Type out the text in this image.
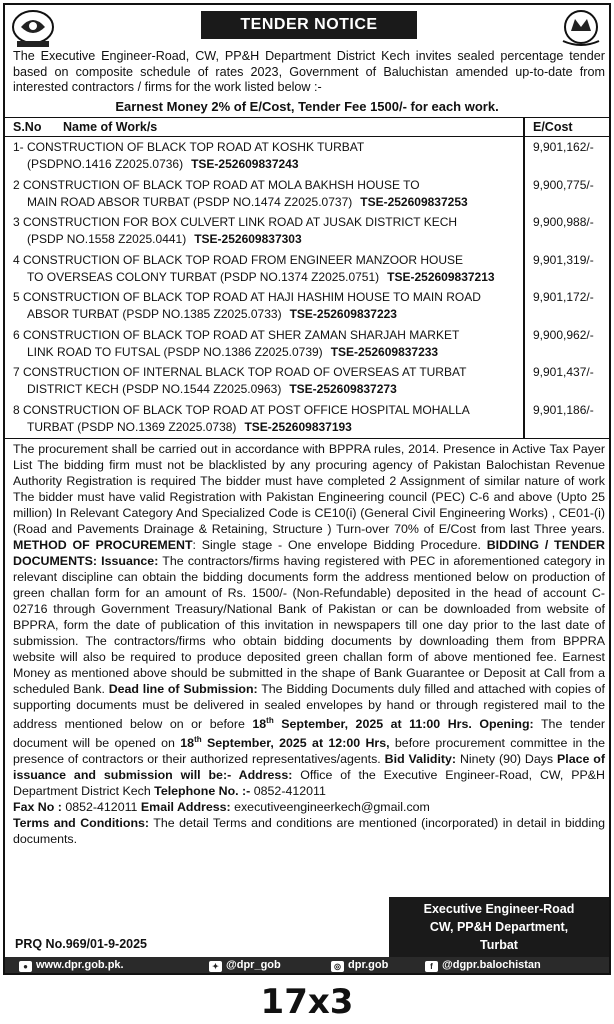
TENDER NOTICE
The Executive Engineer-Road, CW, PP&H Department District Kech invites sealed percentage tender based on composite schedule of rates 2023, Government of Baluchistan amended up-to-date from interested contractors / firms for the work listed below :-
Earnest Money 2% of E/Cost, Tender Fee 1500/- for each work.
S.No Name of Work/s	E/Cost
1- CONSTRUCTION OF BLACK TOP ROAD AT KOSHK TURBAT
(PSDPNO.1416 Z2025.0736) TSE-252609837243
9,901,162/-
2 CONSTRUCTION OF BLACK TOP ROAD AT MOLA BAKHSH HOUSE TO
MAIN ROAD ABSOR TURBAT (PSDP NO.1474 Z2025.0737) TSE-252609837253
9,900,775/-
3 CONSTRUCTION FOR BOX CULVERT LINK ROAD AT JUSAK DISTRICT KECH
(PSDP NO.1558 Z2025.0441) TSE-252609837303
9,900,988/-
4 CONSTRUCTION OF BLACK TOP ROAD FROM ENGINEER MANZOOR HOUSE
TO OVERSEAS COLONY TURBAT (PSDP NO.1374 Z2025.0751) TSE-252609837213
9,901,319/-
5 CONSTRUCTION OF BLACK TOP ROAD AT HAJI HASHIM HOUSE TO MAIN ROAD
ABSOR TURBAT (PSDP NO.1385 Z2025.0733) TSE-252609837223
9,901,172/-
6 CONSTRUCTION OF BLACK TOP ROAD AT SHER ZAMAN SHARJAH MARKET
LINK ROAD TO FUTSAL (PSDP NO.1386 Z2025.0739) TSE-252609837233
9,900,962/-
7 CONSTRUCTION OF INTERNAL BLACK TOP ROAD OF OVERSEAS AT TURBAT
DISTRICT KECH (PSDP NO.1544 Z2025.0963) TSE-252609837273
9,901,437/-
8 CONSTRUCTION OF BLACK TOP ROAD AT POST OFFICE HOSPITAL MOHALLA
TURBAT (PSDP NO.1369 Z2025.0738) TSE-252609837193
9,901,186/-
The procurement shall be carried out in accordance with BPPRA rules, 2014. Presence in Active Tax Payer List The bidding firm must not be blacklisted by any procuring agency of Pakistan Balochistan Revenue Authority Registration is required The bidder must have completed 2 Assignment of similar nature of work The bidder must have valid Registration with Pakistan Engineering council (PEC) C-6 and above (Upto 25 million) In Relevant Category And Specialized Code is CE10(i) (General Civil Engineering Works) , CE01-(i) (Road and Pavements Drainage & Retaining, Structure ) Turn-over 70% of E/Cost from last Three years. METHOD OF PROCUREMENT: Single stage - One envelope Bidding Procedure. BIDDING / TENDER DOCUMENTS: Issuance: The contractors/firms having registered with PEC in aforementioned category in relevant discipline can obtain the bidding documents form the address mentioned below on production of green challan form for an amount of Rs. 1500/- (Non-Refundable) deposited in the head of account C-02716 through Government Treasury/National Bank of Pakistan or can be downloaded from website of BPPRA, form the date of publication of this invitation in newspapers till one day prior to the last date of submission. The contractors/firms who obtain bidding documents by downloading them from BPPRA website will also be required to produce deposited green challan form of above mentioned fee. Earnest Money as mentioned above should be submitted in the shape of Bank Guarantee or Deposit at Call from a scheduled Bank. Dead line of Submission: The Bidding Documents duly filled and attached with copies of supporting documents must be delivered in sealed envelopes by hand or through registered mail to the address mentioned below on or before 18th September, 2025 at 11:00 Hrs. Opening: The tender document will be opened on 18th September, 2025 at 12:00 Hrs, before procurement committee in the presence of contractors or their authorized representatives/agents. Bid Validity: Ninety (90) Days Place of issuance and submission will be:- Address: Office of the Executive Engineer-Road, CW, PP&H Department District Kech Telephone No. :- 0852-412011
Fax No : 0852-412011 Email Address: executiveengineerkech@gmail.com
Terms and Conditions: The detail Terms and conditions are mentioned (incorporated) in detail in bidding documents.
Executive Engineer-Road
CW, PP&H Department,
Turbat
PRQ No.969/01-9-2025
● www.dpr.gob.pk.	✦ @dpr_gob	◎ dpr.gob	f @dgpr.balochistan
17x3
